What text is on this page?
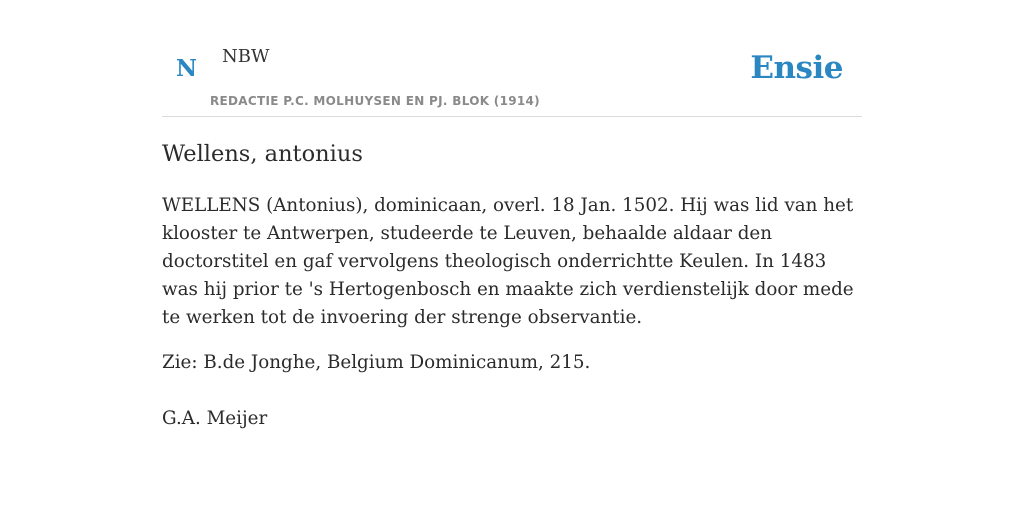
N NBW
REDACTIE P.C. MOLHUYSEN EN PJ. BLOK (1914)
Ensie
Wellens, antonius

WELLENS (Antonius), dominicaan, overl. 18 Jan. 1502. Hij was lid van het klooster te Antwerpen, studeerde te Leuven, behaalde aldaar den doctorstitel en gaf vervolgens theologisch onderrichtte Keulen. In 1483 was hij prior te 's Hertogenbosch en maakte zich verdienstelijk door mede te werken tot de invoering der strenge observantie.

Zie: B.de Jonghe, Belgium Dominicanum, 215.

G.A. Meijer
